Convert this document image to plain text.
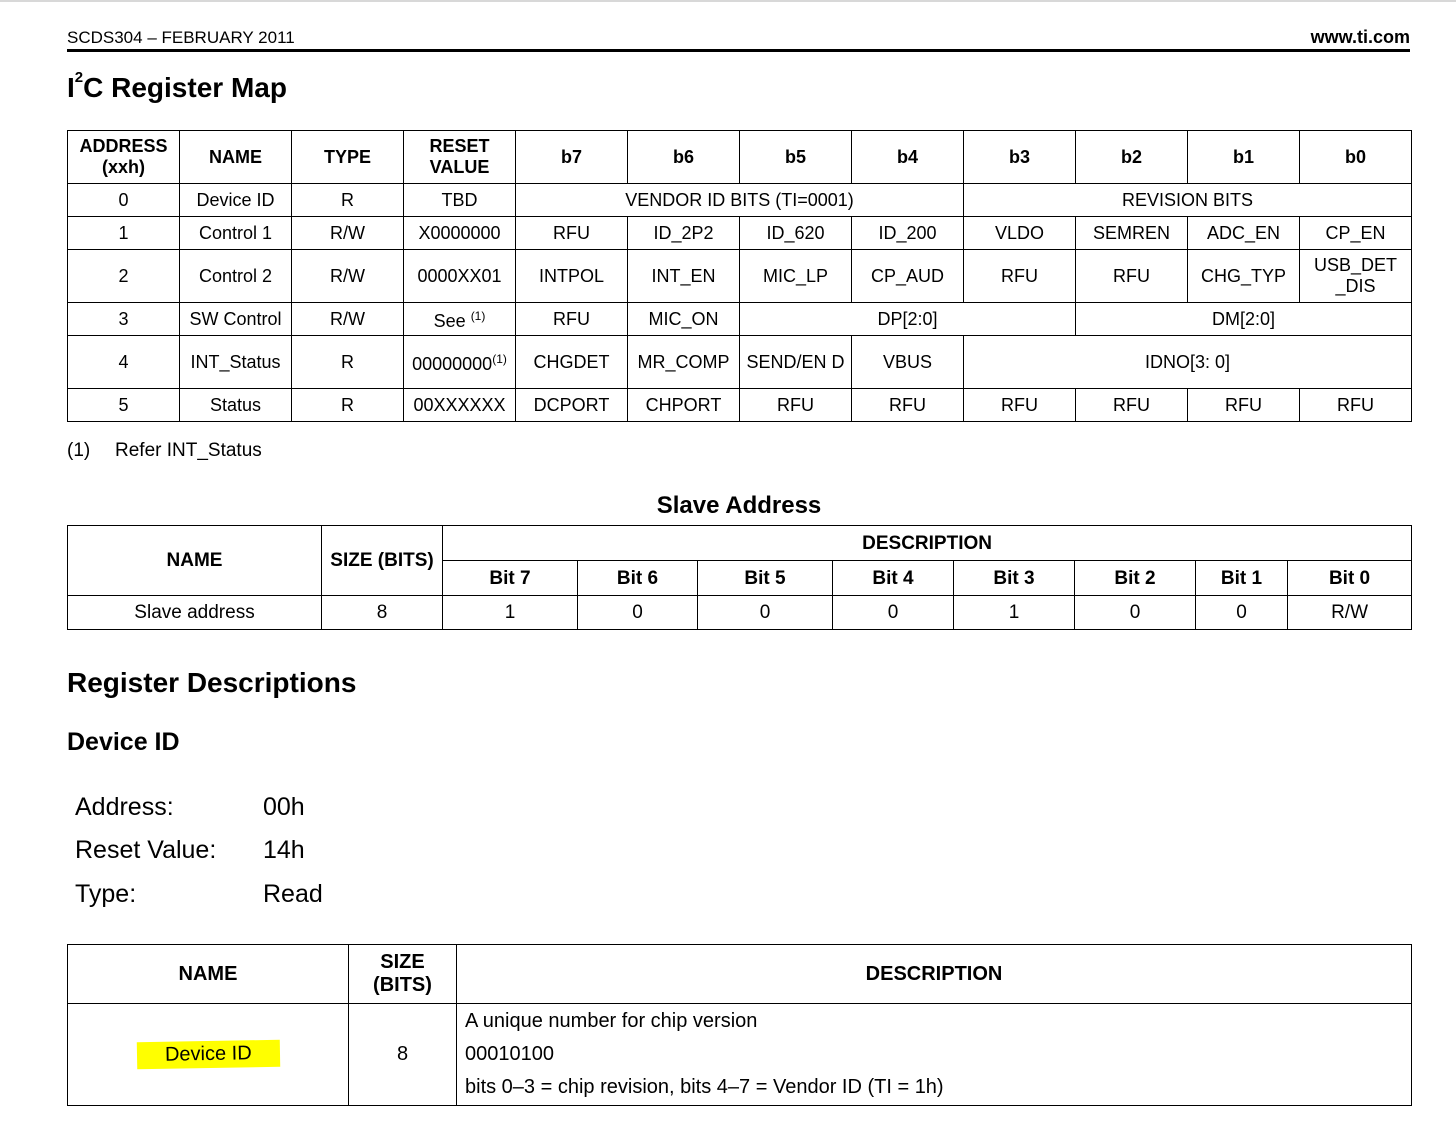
SCDS304 – FEBRUARY 2011	www.ti.com
$I^2C$ Register Map
ADDRESS (xxh)	NAME	TYPE	RESET VALUE	b7	b6	b5	b4	b3	b2	b1	b0
0	Device ID	R	TBD	VENDOR ID BITS (TI=0001)				REVISION BITS			
1	Control 1	R/W	X0000000	RFU	ID_2P2	ID_620	ID_200	VLDO	SEMREN	ADC_EN	CP_EN
2	Control 2	R/W	0000XX01	INTPOL	INT_EN	MIC_LP	CP_AUD	RFU	RFU	CHG_TYP	USB_DET _DIS
3	SW Control	R/W	See $^{(1)}$	RFU	MIC_ON	DP[2:0]			DM[2:0]		
4	INT_Status	R	00000000$^{(1)}$	CHGDET	MR_COMP	SEND/EN D	VBUS	IDNO[3: 0]			
5	Status	R	00XXXXXX	DCPORT	CHPORT	RFU	RFU	RFU	RFU	RFU	RFU
(1) Refer INT_Status
Slave Address
NAME	SIZE (BITS)	DESCRIPTION							
		Bit 7	Bit 6	Bit 5	Bit 4	Bit 3	Bit 2	Bit 1	Bit 0
Slave address	8	1	0	0	0	1	0	0	R/W
Register Descriptions
Device ID
Address:	00h
Reset Value: 14h
Type:	Read
NAME	SIZE (BITS)	DESCRIPTION
Device ID	8	A unique number for chip version
00010100
bits 0–3 = chip revision, bits 4–7 = Vendor ID (TI = 1h)
